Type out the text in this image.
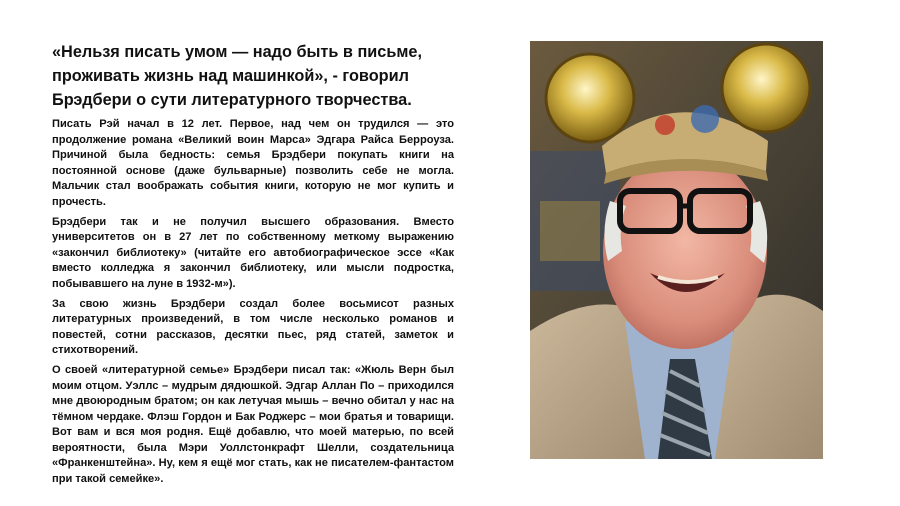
«Нельзя писать умом — надо быть в письме, проживать жизнь над машинкой», - говорил Брэдбери о сути литературного творчества.

Писать Рэй начал в 12 лет. Первое, над чем он трудился — это продолжение романа «Великий воин Марса» Эдгара Райса Берроуза. Причиной была бедность: семья Брэдбери покупать книги на постоянной основе (даже бульварные) позволить себе не могла. Мальчик стал воображать события книги, которую не мог купить и прочесть.

Брэдбери так и не получил высшего образования. Вместо университетов он в 27 лет по собственному меткому выражению «закончил библиотеку» (читайте его автобиографическое эссе «Как вместо колледжа я закончил библиотеку, или мысли подростка, побывавшего на луне в 1932-м»).

За свою жизнь Брэдбери создал более восьмисот разных литературных произведений, в том числе несколько романов и повестей, сотни рассказов, десятки пьес, ряд статей, заметок и стихотворений.

О своей «литературной семье» Брэдбери писал так: «Жюль Верн был моим отцом. Уэллс – мудрым дядюшкой. Эдгар Аллан По – приходился мне двоюродным братом; он как летучая мышь – вечно обитал у нас на тёмном чердаке. Флэш Гордон и Бак Роджерс – мои братья и товарищи. Вот вам и вся моя родня. Ещё добавлю, что моей матерью, по всей вероятности, была Мэри Уоллстонкрафт Шелли, создательница «Франкенштейна». Ну, кем я ещё мог стать, как не писателем-фантастом при такой семейке».
